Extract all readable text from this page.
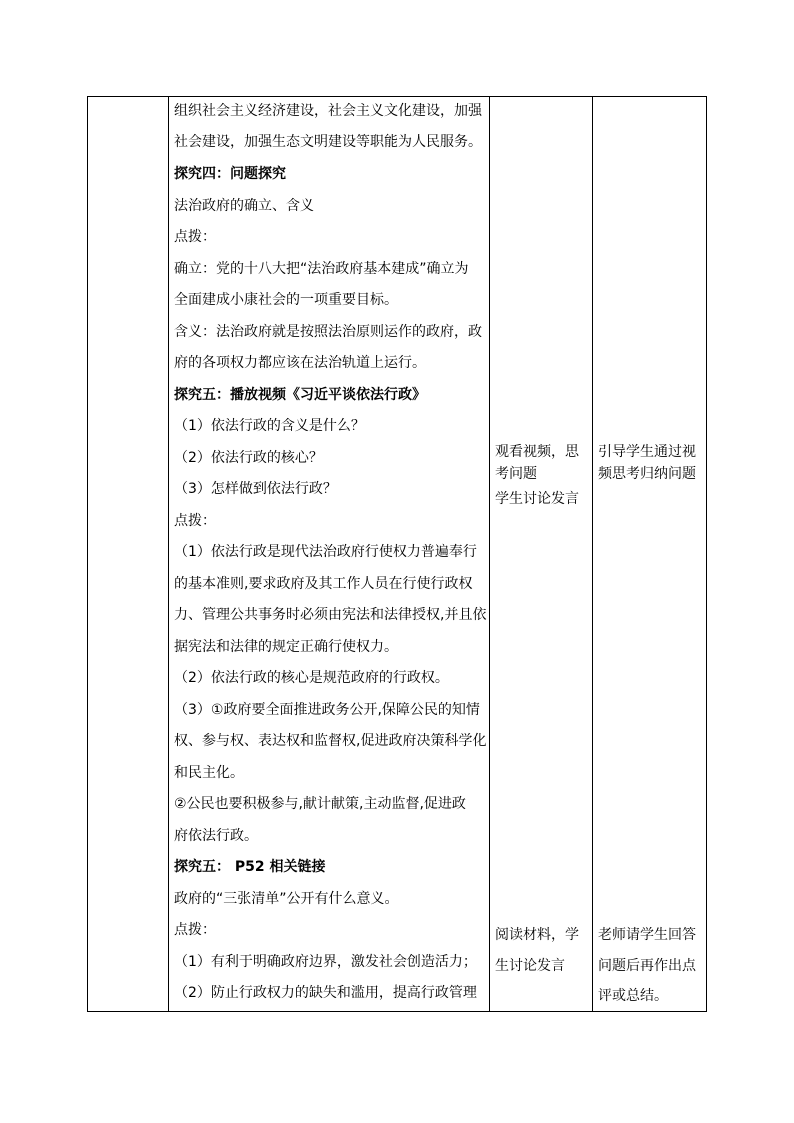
组织社会主义经济建设，社会主义文化建设，加强
社会建设，加强生态文明建设等职能为人民服务。
探究四：问题探究
法治政府的确立、含义
点拨：
确立：党的十八大把“法治政府基本建成”确立为
全面建成小康社会的一项重要目标。
含义：法治政府就是按照法治原则运作的政府，政
府的各项权力都应该在法治轨道上运行。
探究五：播放视频《习近平谈依法行政》
（1）依法行政的含义是什么？
（2）依法行政的核心？
（3）怎样做到依法行政？
点拨：
（1）依法行政是现代法治政府行使权力普遍奉行
的基本准则,要求政府及其工作人员在行使行政权
力、管理公共事务时必须由宪法和法律授权,并且依
据宪法和法律的规定正确行使权力。
（2）依法行政的核心是规范政府的行政权。
（3）①政府要全面推进政务公开,保障公民的知情
权、参与权、表达权和监督权,促进政府决策科学化
和民主化。
②公民也要积极参与,献计献策,主动监督,促进政
府依法行政。
探究五： P52 相关链接
政府的“三张清单”公开有什么意义。
点拨：
（1）有利于明确政府边界，激发社会创造活力；
（2）防止行政权力的缺失和滥用，提高行政管理
观看视频，思
考问题
学生讨论发言
阅读材料，学
生讨论发言
引导学生通过视
频思考归纳问题
老师请学生回答
问题后再作出点
评或总结。
